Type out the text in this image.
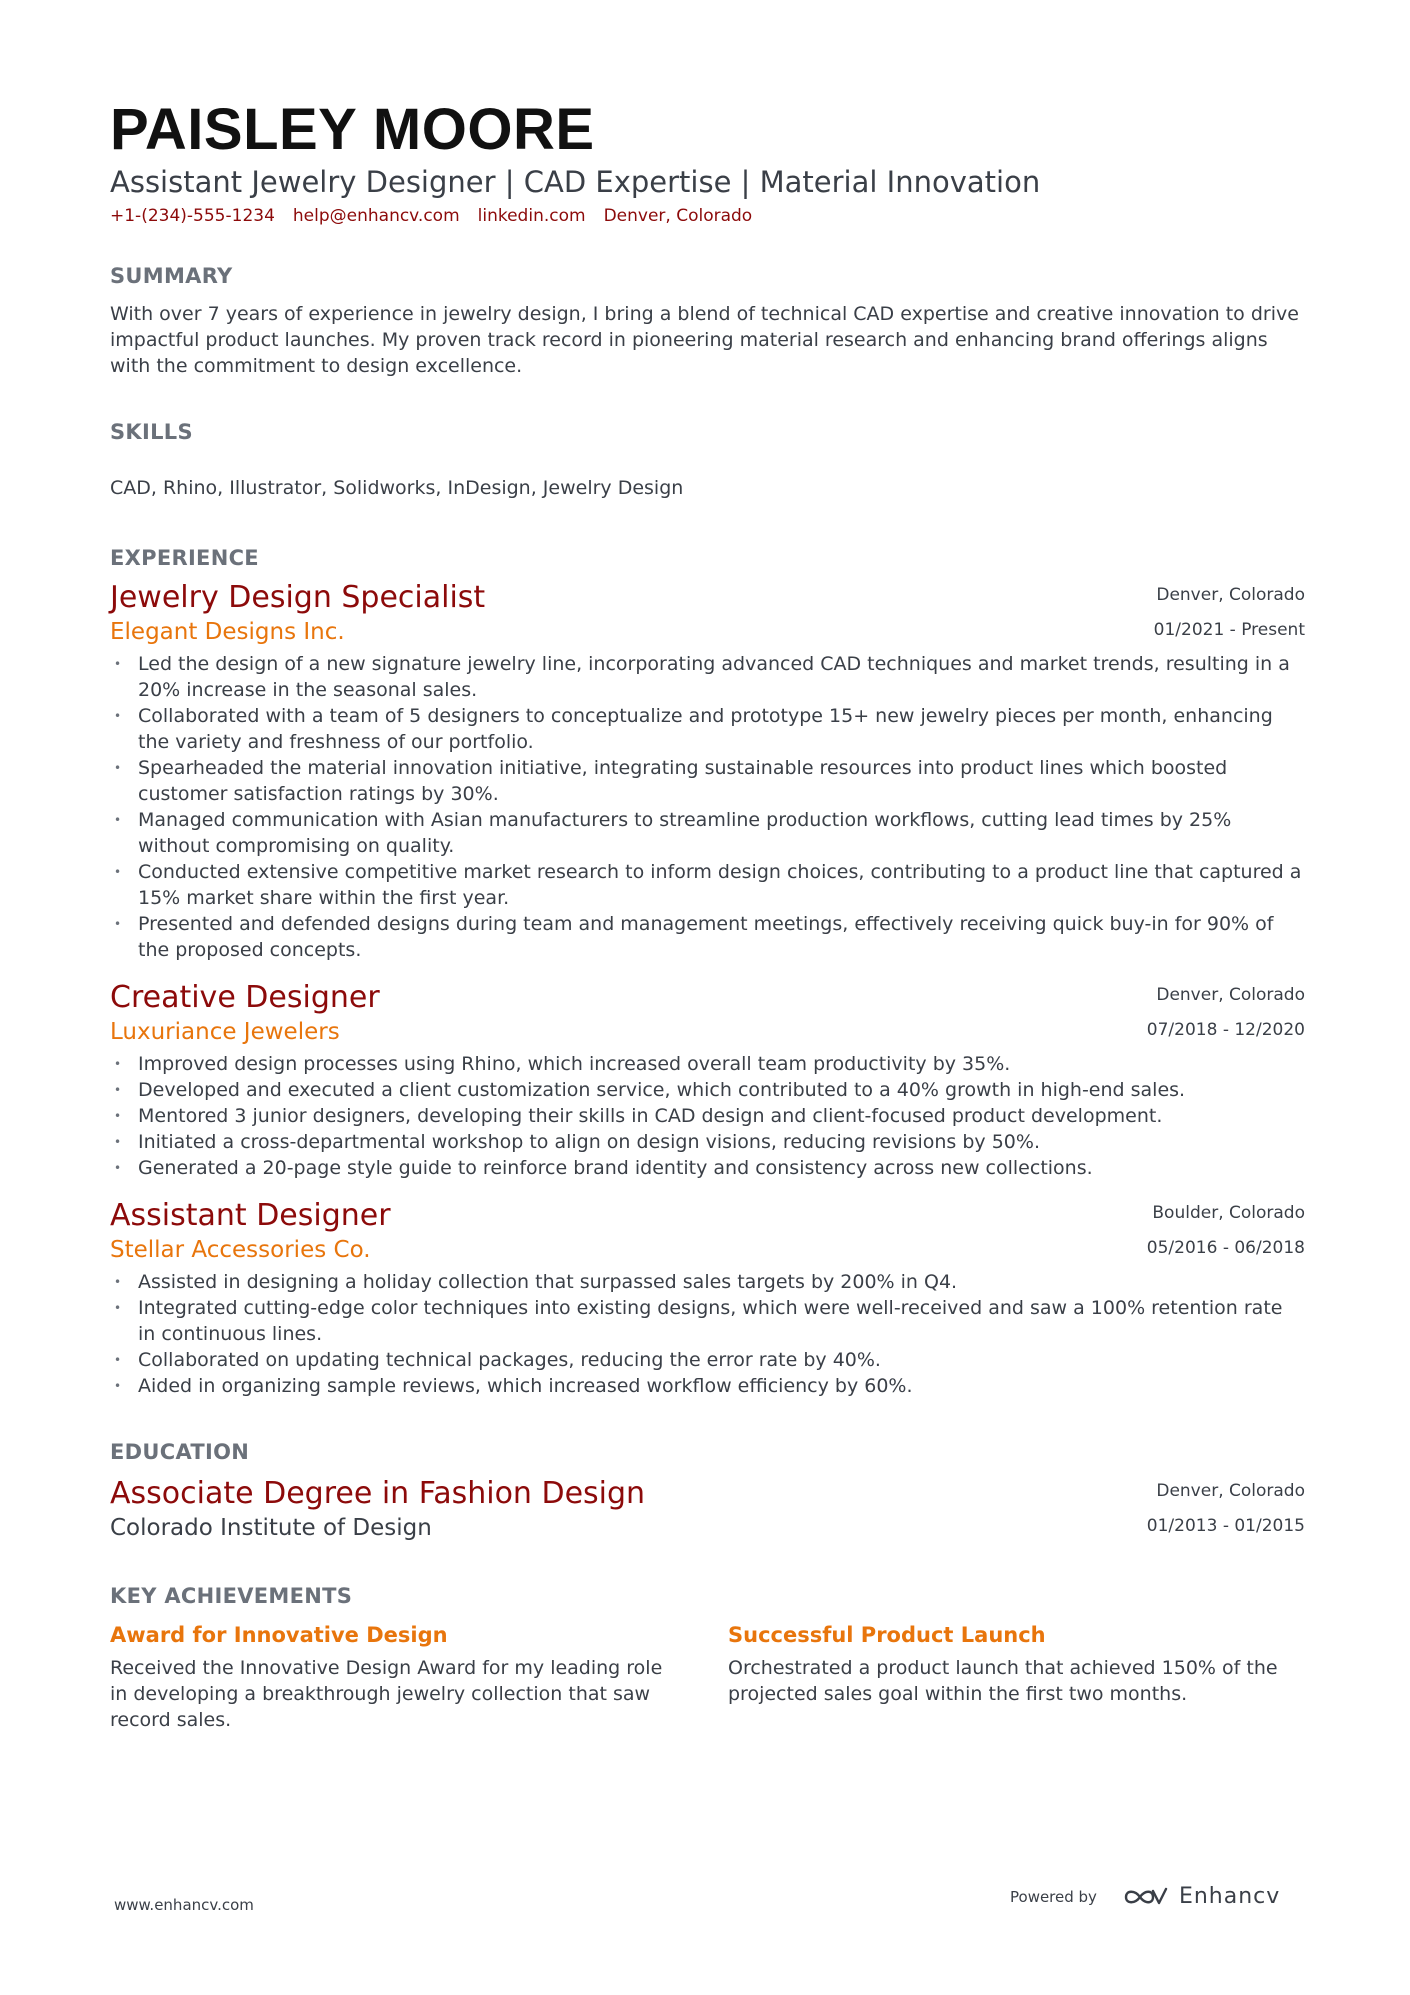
PAISLEY MOORE
Assistant Jewelry Designer | CAD Expertise | Material Innovation
+1-(234)-555-1234 help@enhancv.com linkedin.com Denver, Colorado
SUMMARY
With over 7 years of experience in jewelry design, I bring a blend of technical CAD expertise and creative innovation to drive impactful product launches. My proven track record in pioneering material research and enhancing brand offerings aligns with the commitment to design excellence.
SKILLS
CAD, Rhino, Illustrator, Solidworks, InDesign, Jewelry Design
EXPERIENCE
Denver, Colorado
01/2021 - Present
Jewelry Design Specialist
Elegant Designs Inc.
• Led the design of a new signature jewelry line, incorporating advanced CAD techniques and market trends, resulting in a 20% increase in the seasonal sales.
• Collaborated with a team of 5 designers to conceptualize and prototype 15+ new jewelry pieces per month, enhancing the variety and freshness of our portfolio.
• Spearheaded the material innovation initiative, integrating sustainable resources into product lines which boosted customer satisfaction ratings by 30%.
• Managed communication with Asian manufacturers to streamline production workflows, cutting lead times by 25% without compromising on quality.
• Conducted extensive competitive market research to inform design choices, contributing to a product line that captured a 15% market share within the first year.
• Presented and defended designs during team and management meetings, effectively receiving quick buy-in for 90% of the proposed concepts.
Denver, Colorado
07/2018 - 12/2020
Creative Designer
Luxuriance Jewelers
• Improved design processes using Rhino, which increased overall team productivity by 35%.
• Developed and executed a client customization service, which contributed to a 40% growth in high-end sales.
• Mentored 3 junior designers, developing their skills in CAD design and client-focused product development.
• Initiated a cross-departmental workshop to align on design visions, reducing revisions by 50%.
• Generated a 20-page style guide to reinforce brand identity and consistency across new collections.
Boulder, Colorado
05/2016 - 06/2018
Assistant Designer
Stellar Accessories Co.
• Assisted in designing a holiday collection that surpassed sales targets by 200% in Q4.
• Integrated cutting-edge color techniques into existing designs, which were well-received and saw a 100% retention rate in continuous lines.
• Collaborated on updating technical packages, reducing the error rate by 40%.
• Aided in organizing sample reviews, which increased workflow efficiency by 60%.
EDUCATION
Denver, Colorado
01/2013 - 01/2015
Associate Degree in Fashion Design
Colorado Institute of Design
KEY ACHIEVEMENTS
Award for Innovative Design
Received the Innovative Design Award for my leading role in developing a breakthrough jewelry collection that saw record sales.
Successful Product Launch
Orchestrated a product launch that achieved 150% of the projected sales goal within the first two months.
www.enhancv.com	Powered by	Enhancv
